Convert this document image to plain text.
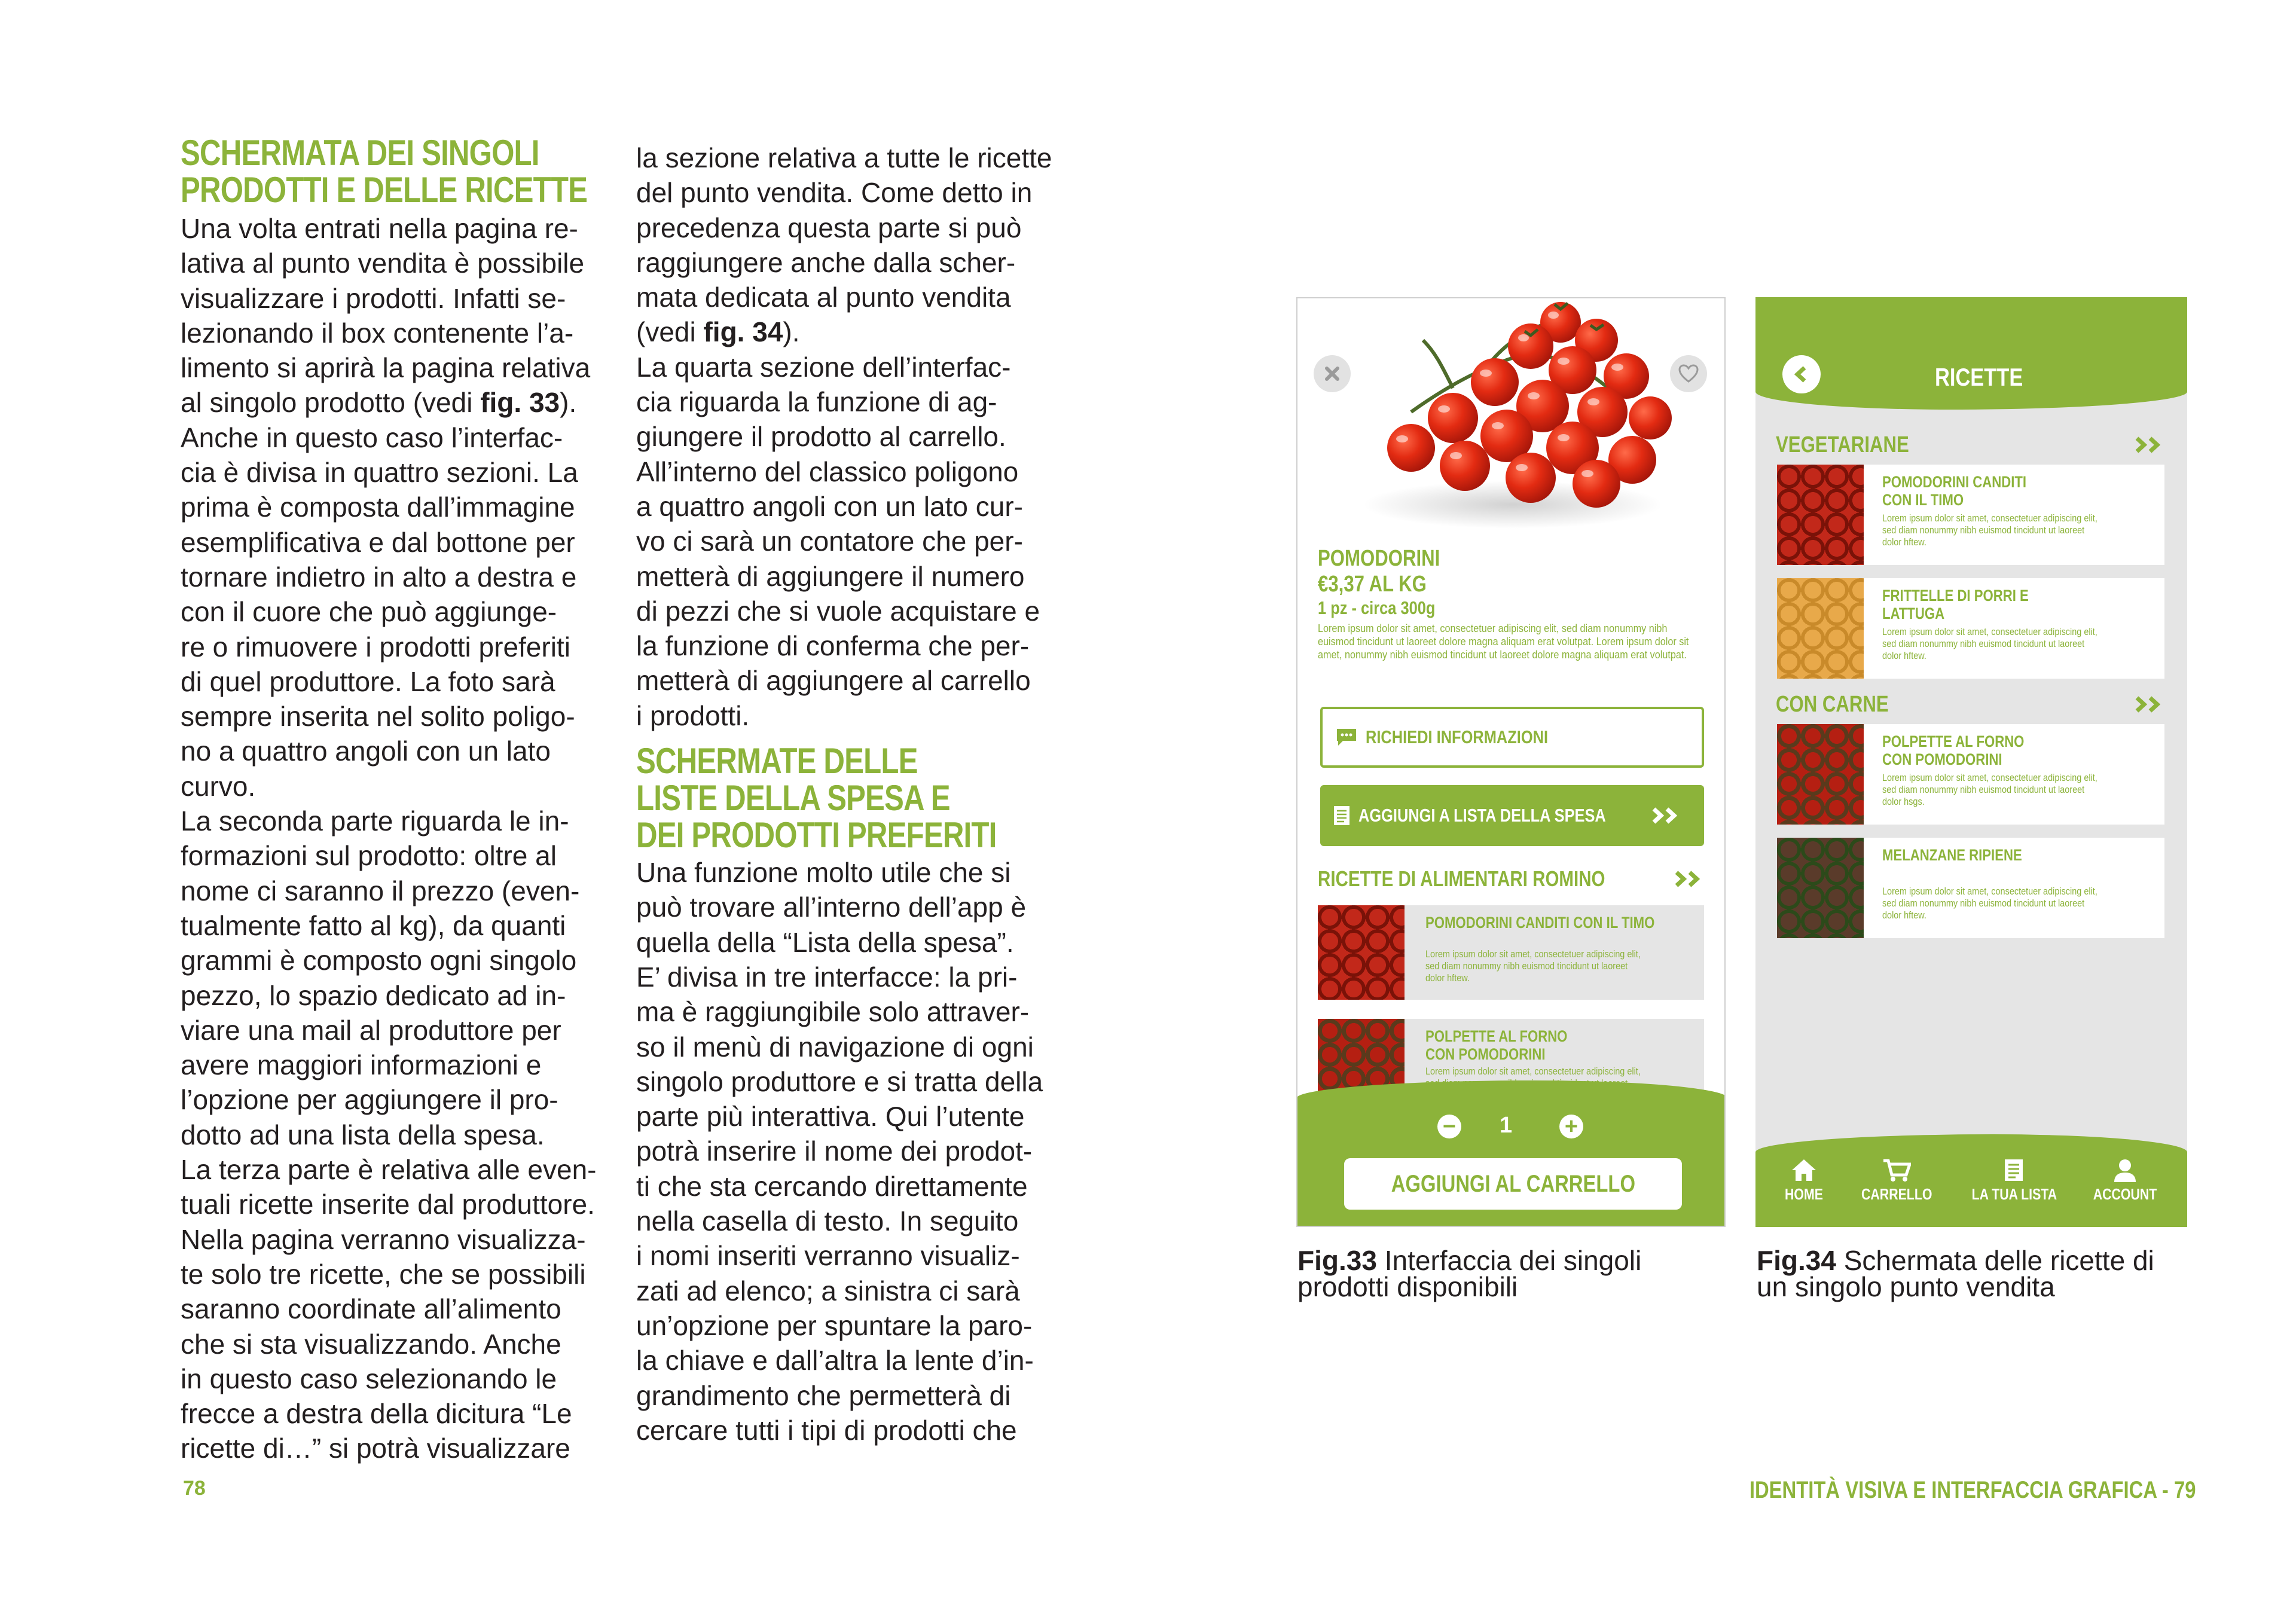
SCHERMATA DEI SINGOLI
PRODOTTI E DELLE RICETTE
Una volta entrati nella pagina re-
lativa al punto vendita è possibile
visualizzare i prodotti. Infatti se-
lezionando il box contenente l’a-
limento si aprirà la pagina relativa
al singolo prodotto (vedi fig. 33).
Anche in questo caso l’interfac-
cia è divisa in quattro sezioni. La
prima è composta dall’immagine
esemplificativa e dal bottone per
tornare indietro in alto a destra e
con il cuore che può aggiunge-
re o rimuovere i prodotti preferiti
di quel produttore. La foto sarà
sempre inserita nel solito poligo-
no a quattro angoli con un lato
curvo.
La seconda parte riguarda le in-
formazioni sul prodotto: oltre al
nome ci saranno il prezzo (even-
tualmente fatto al kg), da quanti
grammi è composto ogni singolo
pezzo, lo spazio dedicato ad in-
viare una mail al produttore per
avere maggiori informazioni e
l’opzione per aggiungere il pro-
dotto ad una lista della spesa.
La terza parte è relativa alle even-
tuali ricette inserite dal produttore.
Nella pagina verranno visualizza-
te solo tre ricette, che se possibili
saranno coordinate all’alimento
che si sta visualizzando. Anche
in questo caso selezionando le
frecce a destra della dicitura “Le
ricette di…” si potrà visualizzare
la sezione relativa a tutte le ricette
del punto vendita. Come detto in
precedenza questa parte si può
raggiungere anche dalla scher-
mata dedicata al punto vendita
(vedi fig. 34).
La quarta sezione dell’interfac-
cia riguarda la funzione di ag-
giungere il prodotto al carrello.
All’interno del classico poligono
a quattro angoli con un lato cur-
vo ci sarà un contatore che per-
metterà di aggiungere il numero
di pezzi che si vuole acquistare e
la funzione di conferma che per-
metterà di aggiungere al carrello
i prodotti.
SCHERMATE DELLE
LISTE DELLA SPESA E
DEI PRODOTTI PREFERITI
Una funzione molto utile che si
può trovare all’interno dell’app è
quella della “Lista della spesa”.
E’ divisa in tre interfacce: la pri-
ma è raggiungibile solo attraver-
so il menù di navigazione di ogni
singolo produttore e si tratta della
parte più interattiva. Qui l’utente
potrà inserire il nome dei prodot-
ti che sta cercando direttamente
nella casella di testo. In seguito
i nomi inseriti verranno visualiz-
zati ad elenco; a sinistra ci sarà
un’opzione per spuntare la paro-
la chiave e dall’altra la lente d’in-
grandimento che permetterà di
cercare tutti i tipi di prodotti che
POMODORINI
€3,37 AL KG
1 pz - circa 300g
Lorem ipsum dolor sit amet, consectetuer adipiscing elit, sed diam nonummy nibh euismod tincidunt ut laoreet dolore magna aliquam erat volutpat. Lorem ipsum dolor sit amet, nonummy nibh euismod tincidunt ut laoreet dolore magna aliquam erat volutpat.
RICHIEDI INFORMAZIONI
AGGIUNGI A LISTA DELLA SPESA
RICETTE DI ALIMENTARI ROMINO
POMODORINI CANDITI CON IL TIMO
Lorem ipsum dolor sit amet, consectetuer adipiscing elit, sed diam nonummy nibh euismod tincidunt ut laoreet dolor hftew.
POLPETTE AL FORNO CON POMODORINI
Lorem ipsum dolor sit amet, consectetuer adipiscing elit,
− 1 +
AGGIUNGI AL CARRELLO
Fig.33 Interfaccia dei singoli
prodotti disponibili
RICETTE
VEGETARIANE
POMODORINI CANDITI CON IL TIMO
Lorem ipsum dolor sit amet, consectetuer adipiscing elit, sed diam nonummy nibh euismod tincidunt ut laoreet dolor hftew.
FRITTELLE DI PORRI E LATTUGA
Lorem ipsum dolor sit amet, consectetuer adipiscing elit, sed diam nonummy nibh euismod tincidunt ut laoreet dolor hftew.
CON CARNE
POLPETTE AL FORNO CON POMODORINI
Lorem ipsum dolor sit amet, consectetuer adipiscing elit, sed diam nonummy nibh euismod tincidunt ut laoreet dolor hsgs.
MELANZANE RIPIENE
Lorem ipsum dolor sit amet, consectetuer adipiscing elit, sed diam nonummy nibh euismod tincidunt ut laoreet dolor hftew.
HOME	CARRELLO	LA TUA LISTA	ACCOUNT
Fig.34 Schermata delle ricette di
un singolo punto vendita
78	IDENTITÀ VISIVA E INTERFACCIA GRAFICA - 79
